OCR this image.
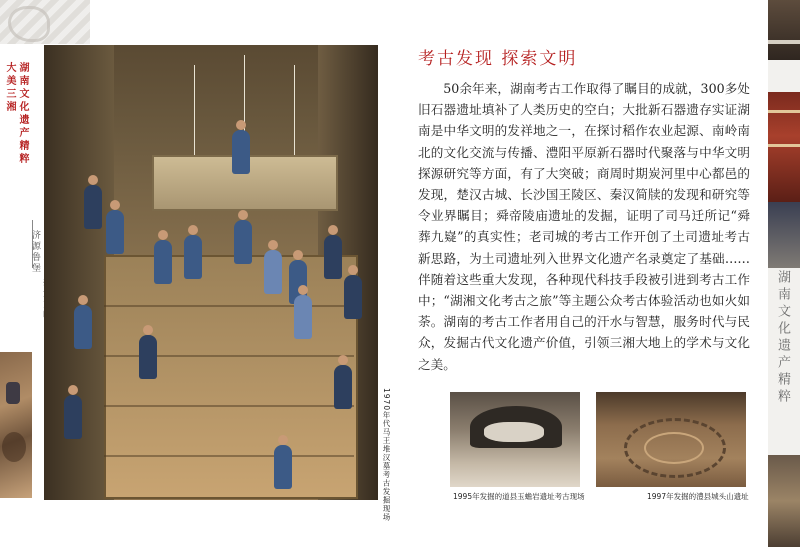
大美三湘 湖南文化遗产精粹
济源鲁堡
1970年代马王堆汉墓考古发掘现场
考古发现 探索文明

50余年来，湖南考古工作取得了瞩目的成就，300多处旧石器遗址填补了人类历史的空白；大批新石器遗存实证湖南是中华文明的发祥地之一，在探讨稻作农业起源、南岭南北的文化交流与传播、澧阳平原新石器时代聚落与中华文明探源研究等方面，有了大突破；商周时期炭河里中心都邑的发现，楚汉古城、长沙国王陵区、秦汉简牍的发现和研究等令业界瞩目；舜帝陵庙遗址的发掘，证明了司马迁所记“舜葬九嶷”的真实性；老司城的考古工作开创了土司遗址考古新思路，为土司遗址列入世界文化遗产名录奠定了基础……伴随着这些重大发现，各种现代科技手段被引进到考古工作中；“湖湘文化考古之旅”等主题公众考古体验活动也如火如荼。湖南的考古工作者用自己的汗水与智慧，服务时代与民众，发掘古代文化遗产价值，引领三湘大地上的学术与文化之美。

1995年发掘的道县玉蟾岩遗址考古现场	1997年发掘的澧县城头山遗址
湖南文化遗产精粹
